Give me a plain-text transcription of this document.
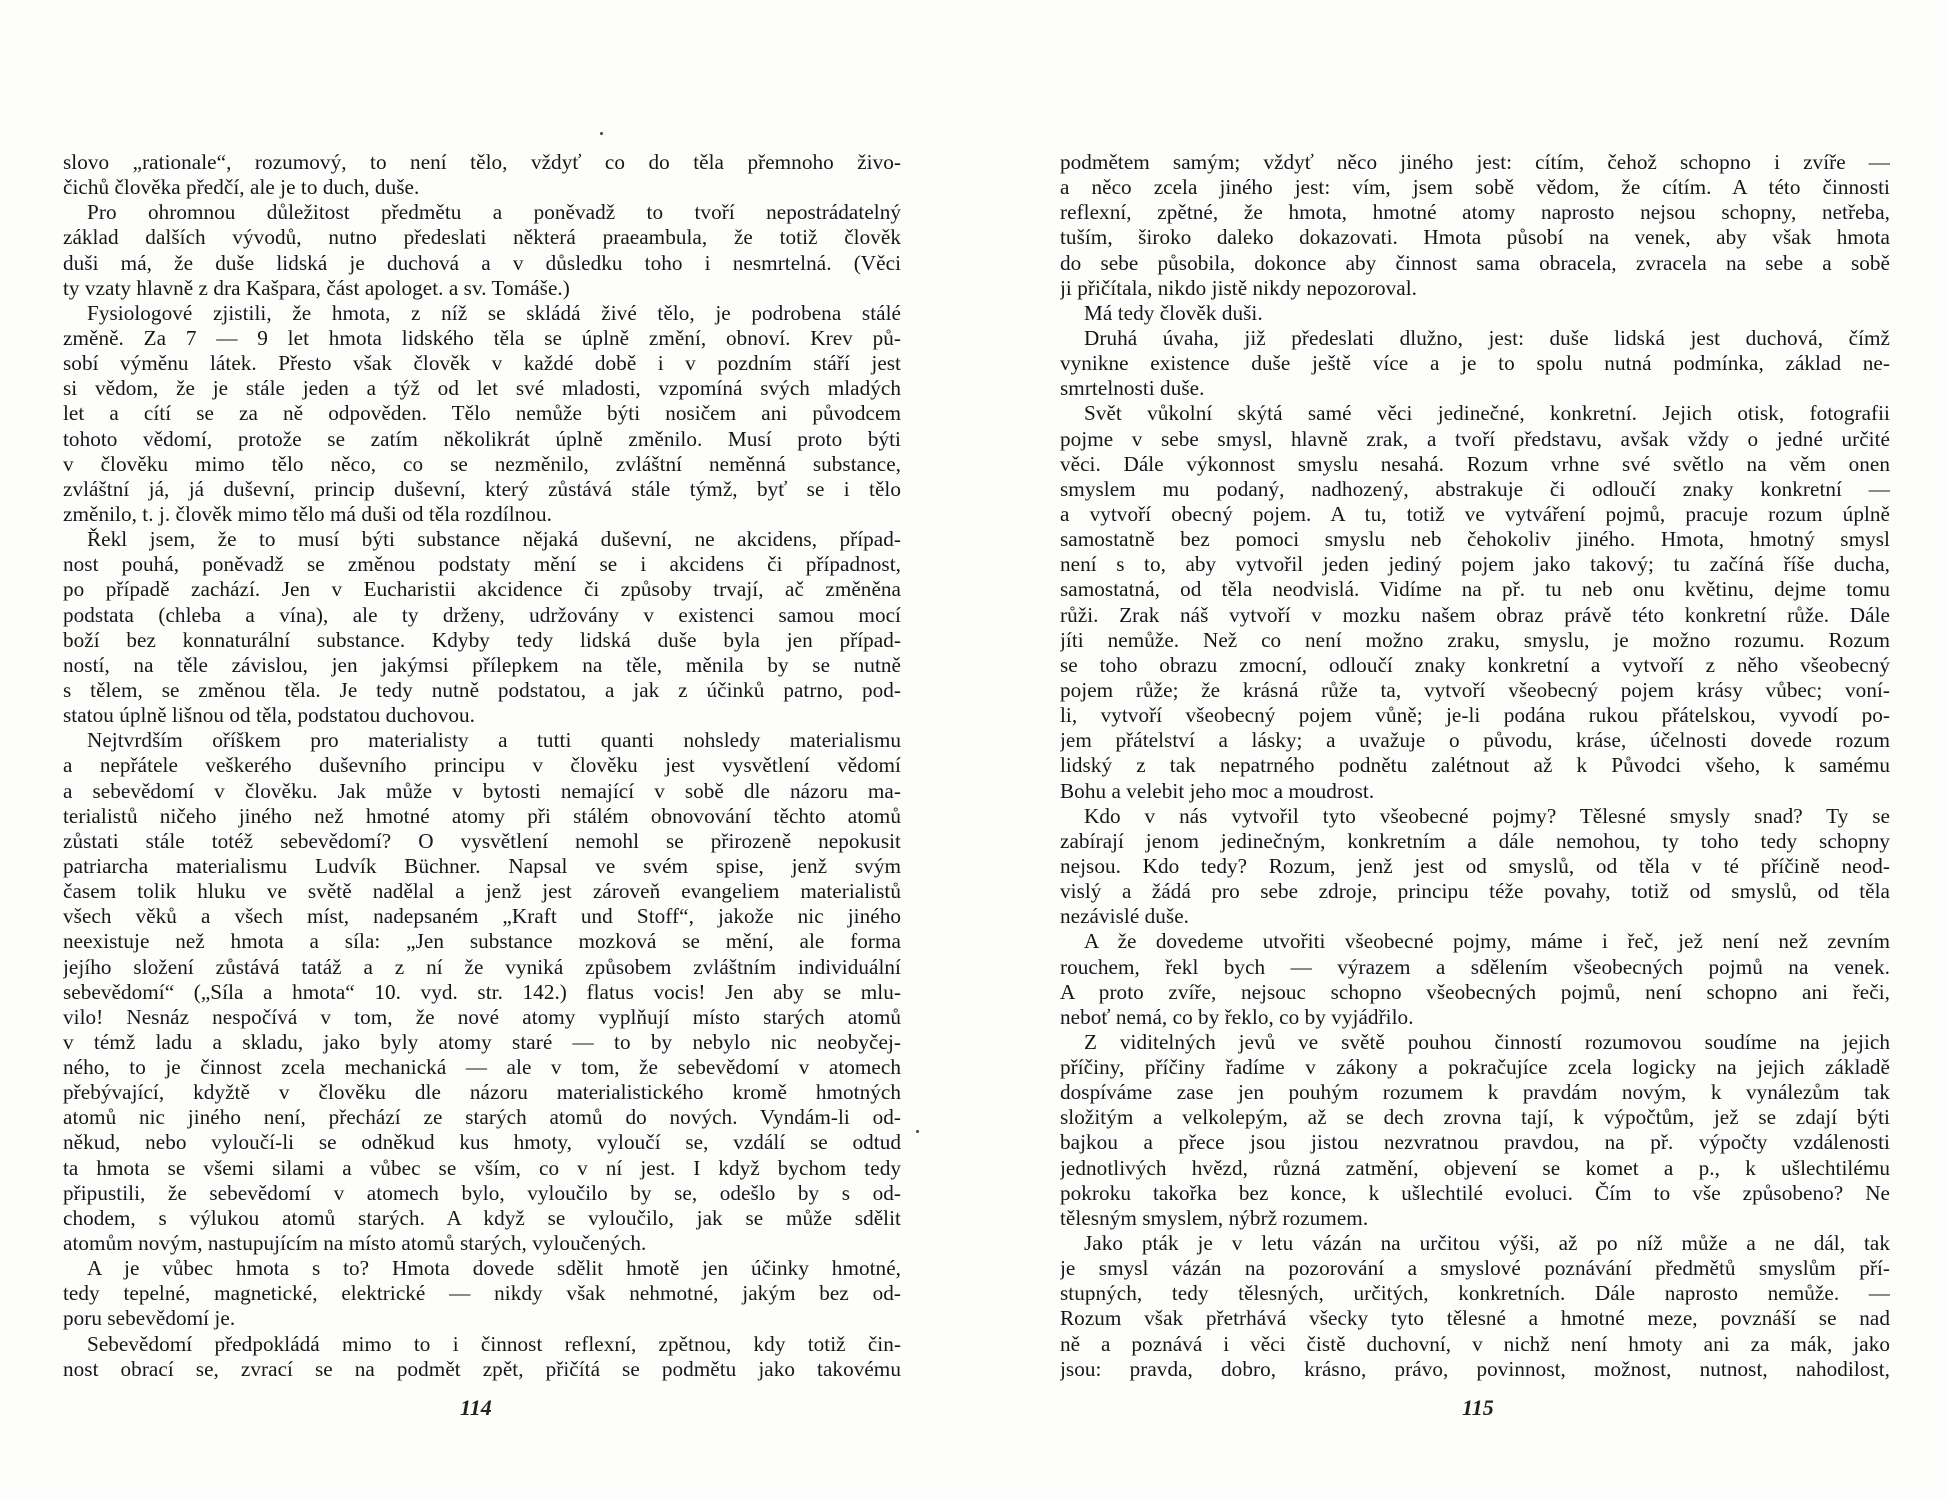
slovo „rationale“, rozumový, to není tělo, vždyť co do těla přemnoho živo-
čichů člověka předčí, ale je to duch, duše.
Pro ohromnou důležitost předmětu a poněvadž to tvoří nepostrádatelný
základ dalších vývodů, nutno předeslati některá praeambula, že totiž člověk
duši má, že duše lidská je duchová a v důsledku toho i nesmrtelná. (Věci
ty vzaty hlavně z dra Kašpara, část apologet. a sv. Tomáše.)
Fysiologové zjistili, že hmota, z níž se skládá živé tělo, je podrobena stálé
změně. Za 7 — 9 let hmota lidského těla se úplně změní, obnoví. Krev pů-
sobí výměnu látek. Přesto však člověk v každé době i v pozdním stáří jest
si vědom, že je stále jeden a týž od let své mladosti, vzpomíná svých mladých
let a cítí se za ně odpověden. Tělo nemůže býti nosičem ani původcem
tohoto vědomí, protože se zatím několikrát úplně změnilo. Musí proto býti
v člověku mimo tělo něco, co se nezměnilo, zvláštní neměnná substance,
zvláštní já, já duševní, princip duševní, který zůstává stále týmž, byť se i tělo
změnilo, t. j. člověk mimo tělo má duši od těla rozdílnou.
Řekl jsem, že to musí býti substance nějaká duševní, ne akcidens, případ-
nost pouhá, poněvadž se změnou podstaty mění se i akcidens či případnost,
po případě zachází. Jen v Eucharistii akcidence či způsoby trvají, ač změněna
podstata (chleba a vína), ale ty drženy, udržovány v existenci samou mocí
boží bez konnaturální substance. Kdyby tedy lidská duše byla jen případ-
ností, na těle závislou, jen jakýmsi přílepkem na těle, měnila by se nutně
s tělem, se změnou těla. Je tedy nutně podstatou, a jak z účinků patrno, pod-
statou úplně lišnou od těla, podstatou duchovou.
Nejtvrdším oříškem pro materialisty a tutti quanti nohsledy materialismu
a nepřátele veškerého duševního principu v člověku jest vysvětlení vědomí
a sebevědomí v člověku. Jak může v bytosti nemající v sobě dle názoru ma-
terialistů ničeho jiného než hmotné atomy při stálém obnovování těchto atomů
zůstati stále totéž sebevědomí? O vysvětlení nemohl se přirozeně nepokusit
patriarcha materialismu Ludvík Büchner. Napsal ve svém spise, jenž svým
časem tolik hluku ve světě nadělal a jenž jest zároveň evangeliem materialistů
všech věků a všech míst, nadepsaném „Kraft und Stoff“, jakože nic jiného
neexistuje než hmota a síla: „Jen substance mozková se mění, ale forma
jejího složení zůstává tatáž a z ní že vyniká způsobem zvláštním individuální
sebevědomí“ („Síla a hmota“ 10. vyd. str. 142.) flatus vocis! Jen aby se mlu-
vilo! Nesnáz nespočívá v tom, že nové atomy vyplňují místo starých atomů
v témž ladu a skladu, jako byly atomy staré — to by nebylo nic neobyčej-
ného, to je činnost zcela mechanická — ale v tom, že sebevědomí v atomech
přebývající, kdyžtě v člověku dle názoru materialistického kromě hmotných
atomů nic jiného není, přechází ze starých atomů do nových. Vyndám-li od-
někud, nebo vyloučí-li se odněkud kus hmoty, vyloučí se, vzdálí se odtud
ta hmota se všemi silami a vůbec se vším, co v ní jest. I když bychom tedy
připustili, že sebevědomí v atomech bylo, vyloučilo by se, odešlo by s od-
chodem, s výlukou atomů starých. A když se vyloučilo, jak se může sdělit
atomům novým, nastupujícím na místo atomů starých, vyloučených.
A je vůbec hmota s to? Hmota dovede sdělit hmotě jen účinky hmotné,
tedy tepelné, magnetické, elektrické — nikdy však nehmotné, jakým bez od-
poru sebevědomí je.
Sebevědomí předpokládá mimo to i činnost reflexní, zpětnou, kdy totiž čin-
nost obrací se, zvrací se na podmět zpět, přičítá se podmětu jako takovému
podmětem samým; vždyť něco jiného jest: cítím, čehož schopno i zvíře —
a něco zcela jiného jest: vím, jsem sobě vědom, že cítím. A této činnosti
reflexní, zpětné, že hmota, hmotné atomy naprosto nejsou schopny, netřeba,
tuším, široko daleko dokazovati. Hmota působí na venek, aby však hmota
do sebe působila, dokonce aby činnost sama obracela, zvracela na sebe a sobě
ji přičítala, nikdo jistě nikdy nepozoroval.
Má tedy člověk duši.
Druhá úvaha, již předeslati dlužno, jest: duše lidská jest duchová, čímž
vynikne existence duše ještě více a je to spolu nutná podmínka, základ ne-
smrtelnosti duše.
Svět vůkolní skýtá samé věci jedinečné, konkretní. Jejich otisk, fotografii
pojme v sebe smysl, hlavně zrak, a tvoří představu, avšak vždy o jedné určité
věci. Dále výkonnost smyslu nesahá. Rozum vrhne své světlo na věm onen
smyslem mu podaný, nadhozený, abstrakuje či odloučí znaky konkretní —
a vytvoří obecný pojem. A tu, totiž ve vytváření pojmů, pracuje rozum úplně
samostatně bez pomoci smyslu neb čehokoliv jiného. Hmota, hmotný smysl
není s to, aby vytvořil jeden jediný pojem jako takový; tu začíná říše ducha,
samostatná, od těla neodvislá. Vidíme na př. tu neb onu květinu, dejme tomu
růži. Zrak náš vytvoří v mozku našem obraz právě této konkretní růže. Dále
jíti nemůže. Než co není možno zraku, smyslu, je možno rozumu. Rozum
se toho obrazu zmocní, odloučí znaky konkretní a vytvoří z něho všeobecný
pojem růže; že krásná růže ta, vytvoří všeobecný pojem krásy vůbec; voní-
li, vytvoří všeobecný pojem vůně; je-li podána rukou přátelskou, vyvodí po-
jem přátelství a lásky; a uvažuje o původu, kráse, účelnosti dovede rozum
lidský z tak nepatrného podnětu zalétnout až k Původci všeho, k samému
Bohu a velebit jeho moc a moudrost.
Kdo v nás vytvořil tyto všeobecné pojmy? Tělesné smysly snad? Ty se
zabírají jenom jedinečným, konkretním a dále nemohou, ty toho tedy schopny
nejsou. Kdo tedy? Rozum, jenž jest od smyslů, od těla v té příčině neod-
vislý a žádá pro sebe zdroje, principu téže povahy, totiž od smyslů, od těla
nezávislé duše.
A že dovedeme utvořiti všeobecné pojmy, máme i řeč, jež není než zevním
rouchem, řekl bych — výrazem a sdělením všeobecných pojmů na venek.
A proto zvíře, nejsouc schopno všeobecných pojmů, není schopno ani řeči,
neboť nemá, co by řeklo, co by vyjádřilo.
Z viditelných jevů ve světě pouhou činností rozumovou soudíme na jejich
příčiny, příčiny řadíme v zákony a pokračujíce zcela logicky na jejich základě
dospíváme zase jen pouhým rozumem k pravdám novým, k vynálezům tak
složitým a velkolepým, až se dech zrovna tají, k výpočtům, jež se zdají býti
bajkou a přece jsou jistou nezvratnou pravdou, na př. výpočty vzdálenosti
jednotlivých hvězd, různá zatmění, objevení se komet a p., k ušlechtilému
pokroku takořka bez konce, k ušlechtilé evoluci. Čím to vše způsobeno? Ne
tělesným smyslem, nýbrž rozumem.
Jako pták je v letu vázán na určitou výši, až po níž může a ne dál, tak
je smysl vázán na pozorování a smyslové poznávání předmětů smyslům pří-
stupných, tedy tělesných, určitých, konkretních. Dále naprosto nemůže. —
Rozum však přetrhává všecky tyto tělesné a hmotné meze, povznáší se nad
ně a poznává i věci čistě duchovní, v nichž není hmoty ani za mák, jako
jsou: pravda, dobro, krásno, právo, povinnost, možnost, nutnost, nahodilost,
114	115
